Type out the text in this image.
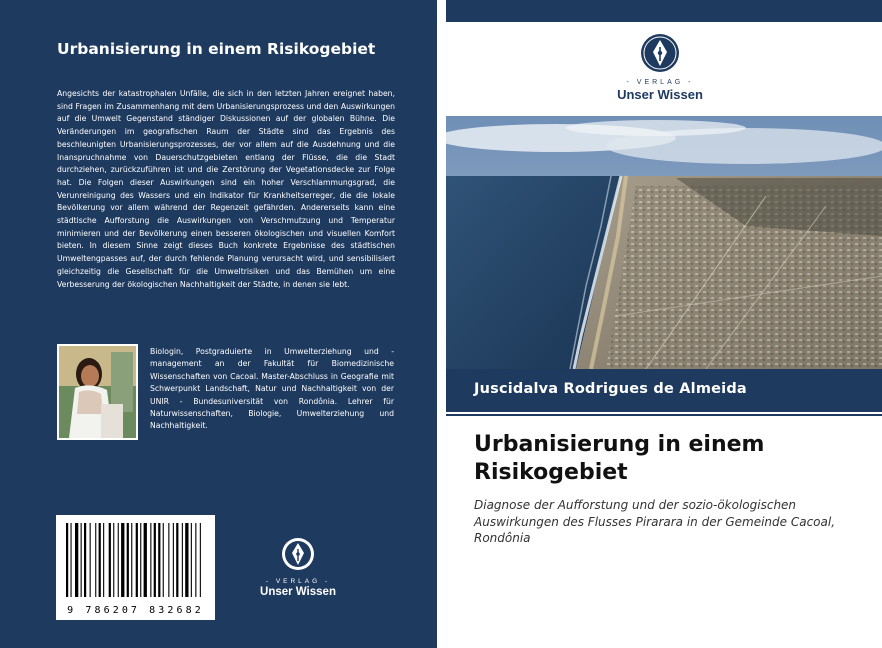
Urbanisierung in einem Risikogebiet
Angesichts der katastrophalen Unfälle, die sich in den letzten Jahren ereignet haben, sind Fragen im Zusammenhang mit dem Urbanisierungsprozess und den Auswirkungen auf die Umwelt Gegenstand ständiger Diskussionen auf der globalen Bühne. Die Veränderungen im geografischen Raum der Städte sind das Ergebnis des beschleunigten Urbanisierungsprozesses, der vor allem auf die Ausdehnung und die Inanspruchnahme von Dauerschutzgebieten entlang der Flüsse, die die Stadt durchziehen, zurückzuführen ist und die Zerstörung der Vegetationsdecke zur Folge hat. Die Folgen dieser Auswirkungen sind ein hoher Verschlammungsgrad, die Verunreinigung des Wassers und ein Indikator für Krankheitserreger, die die lokale Bevölkerung vor allem während der Regenzeit gefährden. Andererseits kann eine städtische Aufforstung die Auswirkungen von Verschmutzung und Temperatur minimieren und der Bevölkerung einen besseren ökologischen und visuellen Komfort bieten. In diesem Sinne zeigt dieses Buch konkrete Ergebnisse des städtischen Umweltengpasses auf, der durch fehlende Planung verursacht wird, und sensibilisiert gleichzeitig die Gesellschaft für die Umweltrisiken und das Bemühen um eine Verbesserung der ökologischen Nachhaltigkeit der Städte, in denen sie lebt.
Biologin, Postgraduierte in Umwelterziehung und -management an der Fakultät für Biomedizinische Wissenschaften von Cacoal. Master-Abschluss in Geografie mit Schwerpunkt Landschaft, Natur und Nachhaltigkeit von der UNIR - Bundesuniversität von Rondônia. Lehrer für Naturwissenschaften, Biologie, Umwelterziehung und Nachhaltigkeit.
9 786207 832682
- VERLAG -
Unser Wissen
- VERLAG -
Unser Wissen
Juscidalva Rodrigues de Almeida
Urbanisierung in einem Risikogebiet
Diagnose der Aufforstung und der sozio-ökologischen Auswirkungen des Flusses Pirarara in der Gemeinde Cacoal, Rondônia
